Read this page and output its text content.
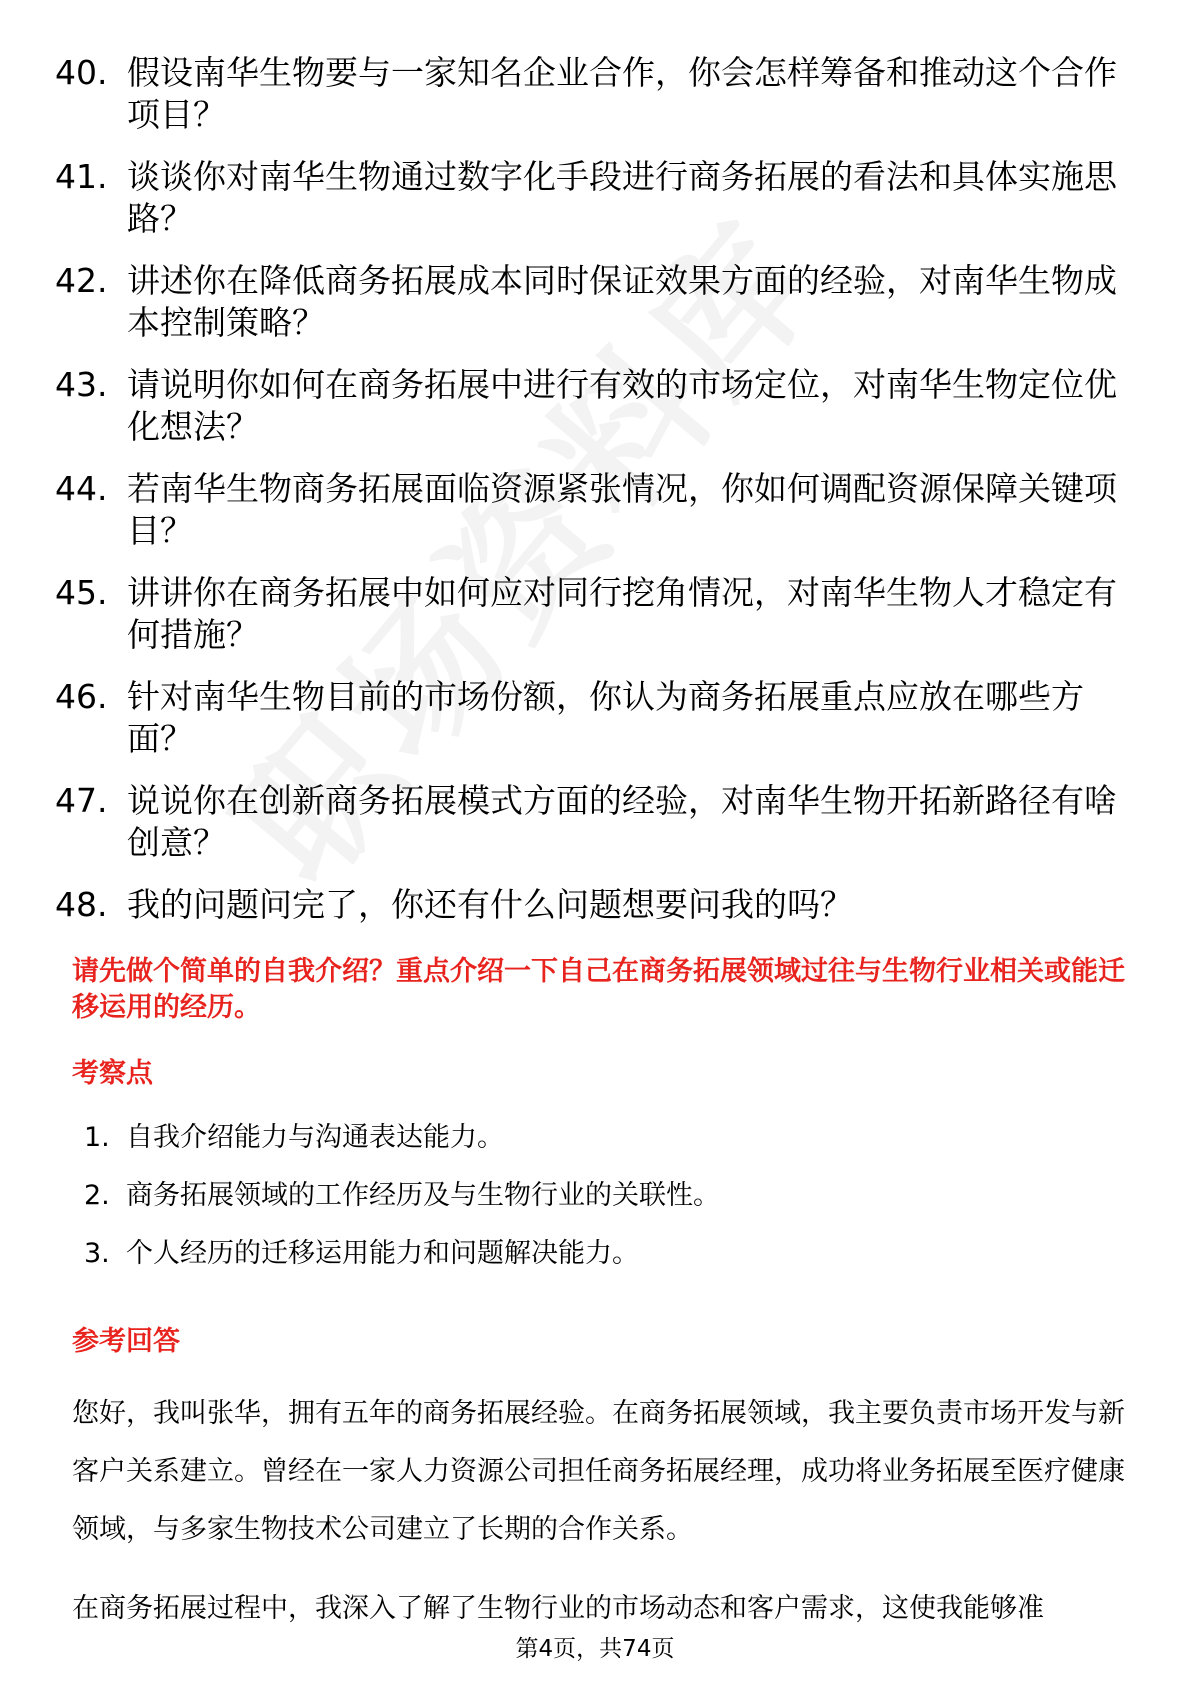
40. 假设南华生物要与一家知名企业合作，你会怎样筹备和推动这个合作项目？
41. 谈谈你对南华生物通过数字化手段进行商务拓展的看法和具体实施思路？
42. 讲述你在降低商务拓展成本同时保证效果方面的经验，对南华生物成本控制策略？
43. 请说明你如何在商务拓展中进行有效的市场定位，对南华生物定位优化想法？
44. 若南华生物商务拓展面临资源紧张情况，你如何调配资源保障关键项目？
45. 讲讲你在商务拓展中如何应对同行挖角情况，对南华生物人才稳定有何措施？
46. 针对南华生物目前的市场份额，你认为商务拓展重点应放在哪些方面？
47. 说说你在创新商务拓展模式方面的经验，对南华生物开拓新路径有啥创意？
48. 我的问题问完了，你还有什么问题想要问我的吗？
请先做个简单的自我介绍？重点介绍一下自己在商务拓展领域过往与生物行业相关或能迁移运用的经历。
考察点
1. 自我介绍能力与沟通表达能力。
2. 商务拓展领域的工作经历及与生物行业的关联性。
3. 个人经历的迁移运用能力和问题解决能力。
参考回答
您好，我叫张华，拥有五年的商务拓展经验。在商务拓展领域，我主要负责市场开发与新客户关系建立。曾经在一家人力资源公司担任商务拓展经理，成功将业务拓展至医疗健康领域，与多家生物技术公司建立了长期的合作关系。
在商务拓展过程中，我深入了解了生物行业的市场动态和客户需求，这使我能够准
第4页，共74页
